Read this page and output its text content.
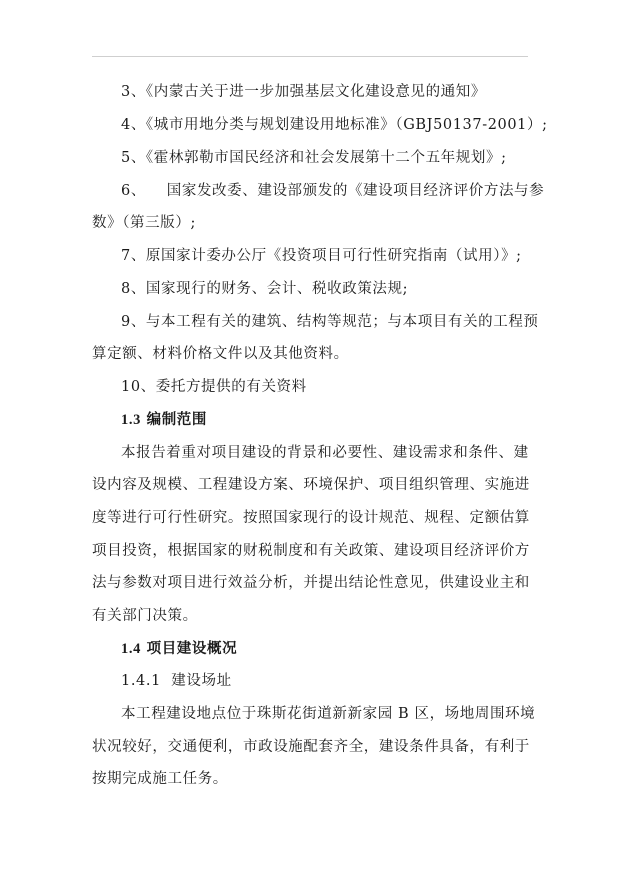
3、《内蒙古关于进一步加强基层文化建设意见的通知》
4、《城市用地分类与规划建设用地标准》（GBJ50137-2001）;
5、《霍林郭勒市国民经济和社会发展第十二个五年规划》;
6、    国家发改委、建设部颁发的《建设项目经济评价方法与参
数》（第三版）;
7、原国家计委办公厅《投资项目可行性研究指南（试用）》;
8、国家现行的财务、会计、税收政策法规;
9、与本工程有关的建筑、结构等规范；与本项目有关的工程预
算定额、材料价格文件以及其他资料。
10、委托方提供的有关资料
1.3 编制范围
本报告着重对项目建设的背景和必要性、建设需求和条件、建
设内容及规模、工程建设方案、环境保护、项目组织管理、实施进
度等进行可行性研究。按照国家现行的设计规范、规程、定额估算
项目投资，根据国家的财税制度和有关政策、建设项目经济评价方
法与参数对项目进行效益分析，并提出结论性意见，供建设业主和
有关部门决策。
1.4 项目建设概况
1.4.1  建设场址
本工程建设地点位于珠斯花街道新新家园 B 区，场地周围环境
状况较好，交通便利，市政设施配套齐全，建设条件具备，有利于
按期完成施工任务。
